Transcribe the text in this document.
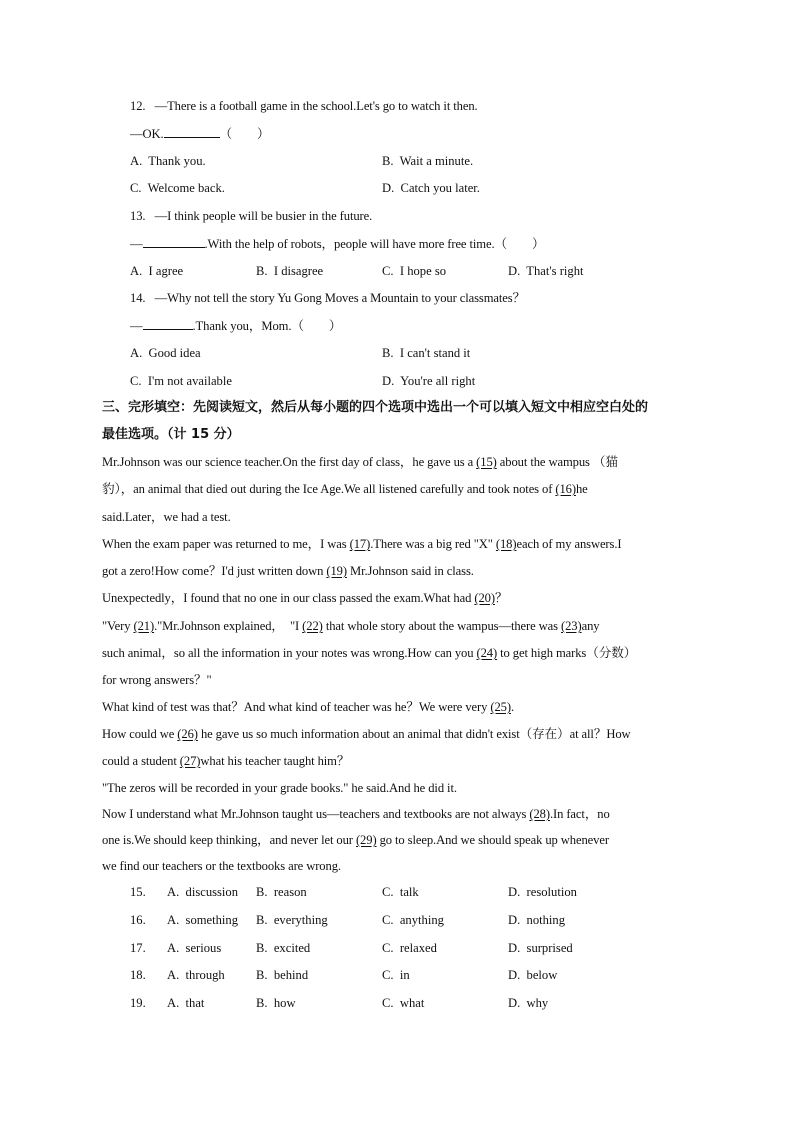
12.   —There is a football game in the school.Let's go to watch it then.
—OK.	（　　）
A.  Thank you.	B.  Wait a minute.
C.  Welcome back.	D.  Catch you later.
13.   —I think people will be busier in the future.
—	.With the help of robots，people will have more free time.（　　）
A.  I agree	B.  I disagree	C.  I hope so	D.  That's right
14.   —Why not tell the story Yu Gong Moves a Mountain to your classmates？
—	.Thank you，Mom.（　　）
A.  Good idea	B.  I can't stand it
C.  I'm not available	D.  You're all right
三、完形填空：先阅读短文，然后从每小题的四个选项中选出一个可以填入短文中相应空白处的
最佳选项。（计 15 分）
Mr.Johnson was our science teacher.On the first day of class，he gave us a (15) about the wampus （猫
豹），an animal that died out during the Ice Age.We all listened carefully and took notes of (16)he
said.Later，we had a test.
When the exam paper was returned to me，I was (17).There was a big red "X" (18)each of my answers.I
got a zero!How come？I'd just written down (19) Mr.Johnson said in class.
Unexpectedly，I found that no one in our class passed the exam.What had (20)？
"Very (21)."Mr.Johnson explained，  "I (22) that whole story about the wampus—there was (23)any
such animal，so all the information in your notes was wrong.How can you (24) to get high marks（分数）
for wrong answers？"
What kind of test was that？And what kind of teacher was he？We were very (25).
How could we (26) he gave us so much information about an animal that didn't exist（存在）at all？How
could a student (27)what his teacher taught him？
"The zeros will be recorded in your grade books." he said.And he did it.
Now I understand what Mr.Johnson taught us—teachers and textbooks are not always (28).In fact，no
one is.We should keep thinking，and never let our (29) go to sleep.And we should speak up whenever
we find our teachers or the textbooks are wrong.
15. A.  discussion B.  reason	C.  talk	D.  resolution
16. A.  something B.  everything	C.  anything	D.  nothing
17. A.  serious	B.  excited	C.  relaxed	D.  surprised
18. A.  through B.  behind	C.  in	D.  below
19. A.  that	B.  how	C.  what	D.  why
